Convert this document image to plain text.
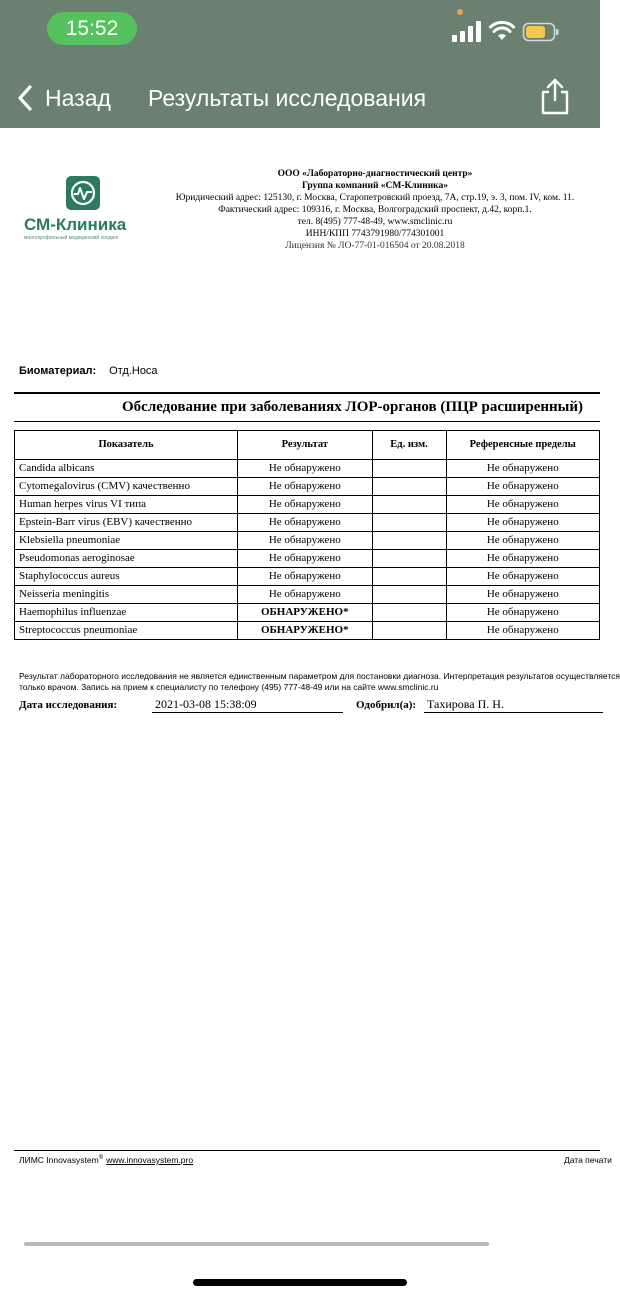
15:52
Назад Результаты исследования
СМ-Клиника
многопрофильный медицинский холдинг
ООО «Лабораторно-диагностический центр»
Группа компаний «СМ-Клиника»
Юридический адрес: 125130, г. Москва, Старопетровский проезд, 7А, стр.19, э. 3, пом. IV, ком. 11.
Фактический адрес: 109316, г. Москва, Волгоградский проспект, д.42, корп.1.
тел. 8(495) 777-48-49, www.smclinic.ru
ИНН/КПП 7743791980/774301001
Лицензия № ЛО-77-01-016504 от 20.08.2018
Биоматериал: Отд.Носа
Обследование при заболеваниях ЛОР-органов (ПЦР расширенный)
Показатель	Результат	Ед. изм.	Референсные пределы
Candida albicans	Не обнаружено		Не обнаружено
Cytomegalovirus (CMV) качественно	Не обнаружено		Не обнаружено
Human herpes virus VI типа	Не обнаружено		Не обнаружено
Epstein-Barr virus (EBV) качественно	Не обнаружено		Не обнаружено
Klebsiella pneumoniae	Не обнаружено		Не обнаружено
Pseudomonas aeroginosae	Не обнаружено		Не обнаружено
Staphylococcus aureus	Не обнаружено		Не обнаружено
Neisseria meningitis	Не обнаружено		Не обнаружено
Haemophilus influenzae	ОБНАРУЖЕНО*		Не обнаружено
Streptococcus pneumoniae	ОБНАРУЖЕНО*		Не обнаружено
Результат лабораторного исследования не является единственным параметром для постановки диагноза. Интерпретация результатов осуществляется
только врачом. Запись на прием к специалисту по телефону (495) 777-48-49 или на сайте www.smclinic.ru
Дата исследования:	2021-03-08 15:38:09	Одобрил(а): Тахирова П. Н.
ЛИМС Innovasystem® www.innovasystem.pro	Дата печати
